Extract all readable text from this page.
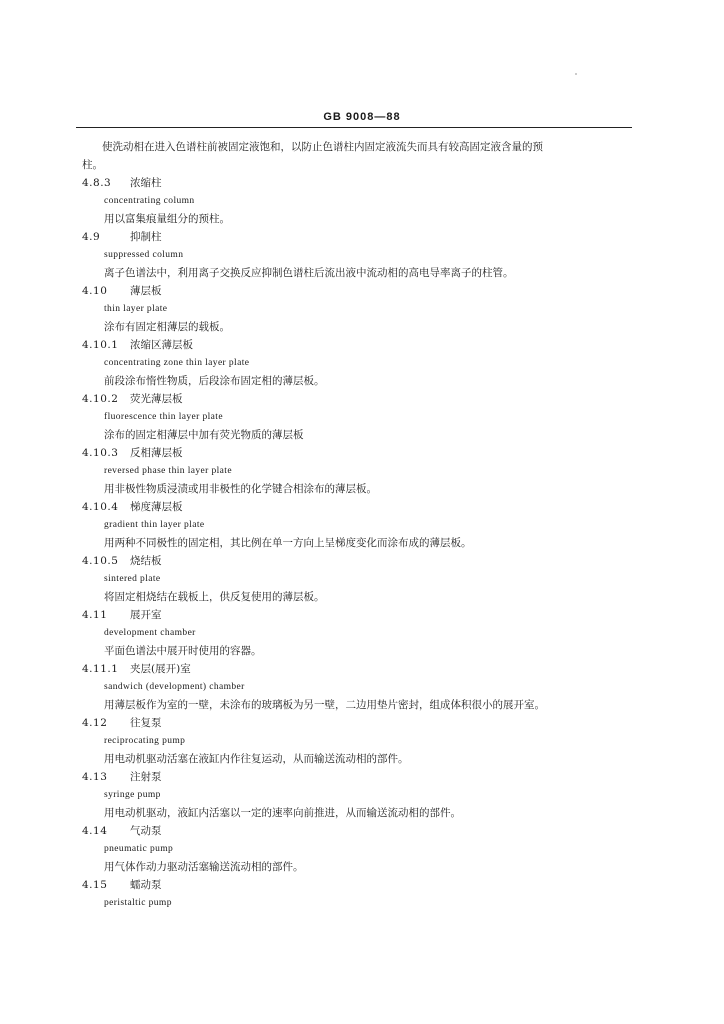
GB 9008—88
使洗动相在进入色谱柱前被固定液饱和，以防止色谱柱内固定液流失而具有较高固定液含量的预
柱。
4.8.3 浓缩柱
concentrating column
用以富集痕量组分的预柱。
4.9	抑制柱
suppressed column
离子色谱法中，利用离子交换反应抑制色谱柱后流出液中流动相的高电导率离子的柱管。
4.10 薄层板
thin layer plate
涂布有固定相薄层的载板。
4.10.1 浓缩区薄层板
concentrating zone thin layer plate
前段涂布惰性物质，后段涂布固定相的薄层板。
4.10.2 荧光薄层板
fluorescence thin layer plate
涂布的固定相薄层中加有荧光物质的薄层板
4.10.3 反相薄层板
reversed phase thin layer plate
用非极性物质浸渍或用非极性的化学键合相涂布的薄层板。
4.10.4 梯度薄层板
gradient thin layer plate
用两种不同极性的固定相，其比例在单一方向上呈梯度变化而涂布成的薄层板。
4.10.5 烧结板
sintered plate
将固定相烧结在载板上，供反复使用的薄层板。
4.11 展开室
development chamber
平面色谱法中展开时使用的容器。
4.11.1 夹层(展开)室
sandwich (development) chamber
用薄层板作为室的一壁，未涂布的玻璃板为另一壁，二边用垫片密封，组成体积很小的展开室。
4.12 往复泵
reciprocating pump
用电动机驱动活塞在液缸内作往复运动，从而输送流动相的部件。
4.13 注射泵
syringe pump
用电动机驱动，液缸内活塞以一定的速率向前推进，从而输送流动相的部件。
4.14 气动泵
pneumatic pump
用气体作动力驱动活塞输送流动相的部件。
4.15 蠕动泵
peristaltic pump
